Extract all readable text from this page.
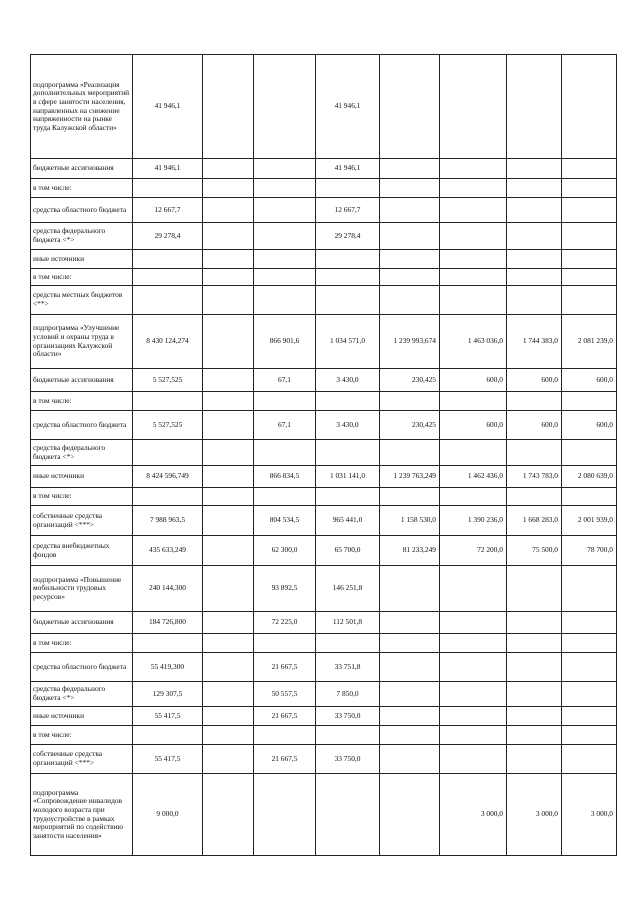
подпрограмма «Реализация дополнительных мероприятий в сфере занятости населения, направленных на снижение напряженности на рынке труда Калужской области»	41 946,1			41 946,1				
бюджетные ассигнования	41 946,1			41 946,1				
в том числе:								
средства областного бюджета	12 667,7			12 667,7				
средства федерального бюджета <*>	29 278,4			29 278,4				
иные источники								
в том числе:								
средства местных бюджетов <**>								
подпрограмма «Улучшение условий и охраны труда в организациях Калужской области»	8 430 124,274		866 901,6	1 034 571,0	1 239 993,674	1 463 036,0	1 744 383,0	2 081 239,0
бюджетные ассигнования	5 527,525		67,1	3 430,0	230,425	600,0	600,0	600,0
в том числе:								
средства областного бюджета	5 527,525		67,1	3 430,0	230,425	600,0	600,0	600,0
средства федерального бюджета <*>								
иные источники	8 424 596,749		866 834,5	1 031 141,0	1 239 763,249	1 462 436,0	1 743 783,0	2 080 639,0
в том числе:								
собственные средства организаций <***>	7 988 963,5		804 534,5	965 441,0	1 158 530,0	1 390 236,0	1 668 283,0	2 001 939,0
средства внебюджетных фондов	435 633,249		62 300,0	65 700,0	81 233,249	72 200,0	75 500,0	78 700,0
подпрограмма «Повышение мобильности трудовых ресурсов»	240 144,300		93 892,5	146 251,8				
бюджетные ассигнования	184 726,800		72 225,0	112 501,8				
в том числе:								
средства областного бюджета	55 419,300		21 667,5	33 751,8				
средства федерального бюджета <*>	129 307,5		50 557,5	7 850,0				
иные источники	55 417,5		21 667,5	33 750,0				
в том числе:								
собственные средства организаций <***>	55 417,5		21 667,5	33 750,0				
подпрограмма «Сопровождение инвалидов молодого возраста при трудоустройстве в рамках мероприятий по содействию занятости населения»	9 000,0					3 000,0	3 000,0	3 000,0
